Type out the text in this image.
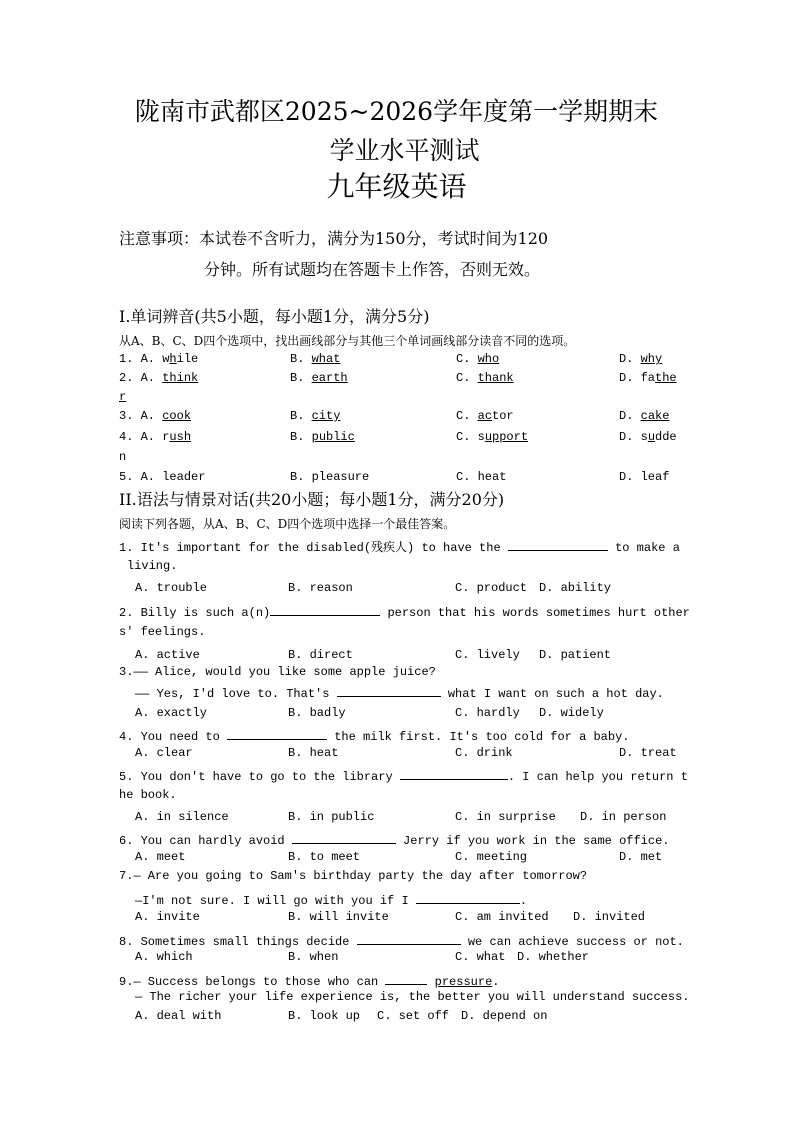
陇南市武都区2025~2026学年度第一学期期末
学业水平测试
九年级英语
注意事项：本试卷不含听力，满分为150分，考试时间为120
分钟。所有试题均在答题卡上作答，否则无效。
I.单词辨音(共5小题，每小题1分，满分5分)
从A、B、C、D四个选项中，找出画线部分与其他三个单词画线部分读音不同的选项。
1. A. while	B. what	C. who	D. why
2. A. think	B. earth	C. thank	D. fathe
r
3. A. cook	B. city	C. actor	D. cake
4. A. rush	B. public	C. support	D. sudde
n
5. A. leader	B. pleasure	C. heat	D. leaf
II.语法与情景对话(共20小题；每小题1分，满分20分)
阅读下列各题，从A、B、C、D四个选项中选择一个最佳答案。
1. It's important for the disabled(残疾人) to have the	to make a
living.
A. trouble	B. reason	C. product D. ability
2. Billy is such a(n)	person that his words sometimes hurt other
s' feelings.
A. active	B. direct	C. lively D. patient
3.—— Alice, would you like some apple juice?
—— Yes, I'd love to. That's	what I want on such a hot day.
A. exactly	B. badly	C. hardly D. widely
4. You need to	the milk first. It's too cold for a baby.
A. clear	B. heat	C. drink	D. treat
5. You don't have to go to the library	. I can help you return t
he book.
A. in silence	B. in public	C. in surprise D. in person
6. You can hardly avoid	Jerry if you work in the same office.
A. meet	B. to meet	C. meeting	D. met
7.— Are you going to Sam's birthday party the day after tomorrow?
—I'm not sure. I will go with you if I	.
A. invite	B. will invite	C. am invited D. invited
8. Sometimes small things decide	we can achieve success or not.
A. which	B. when	C. what D. whether
9.— Success belongs to those who can	pressure.
— The richer your life experience is, the better you will understand success.
A. deal with	B. look up C. set off D. depend on
